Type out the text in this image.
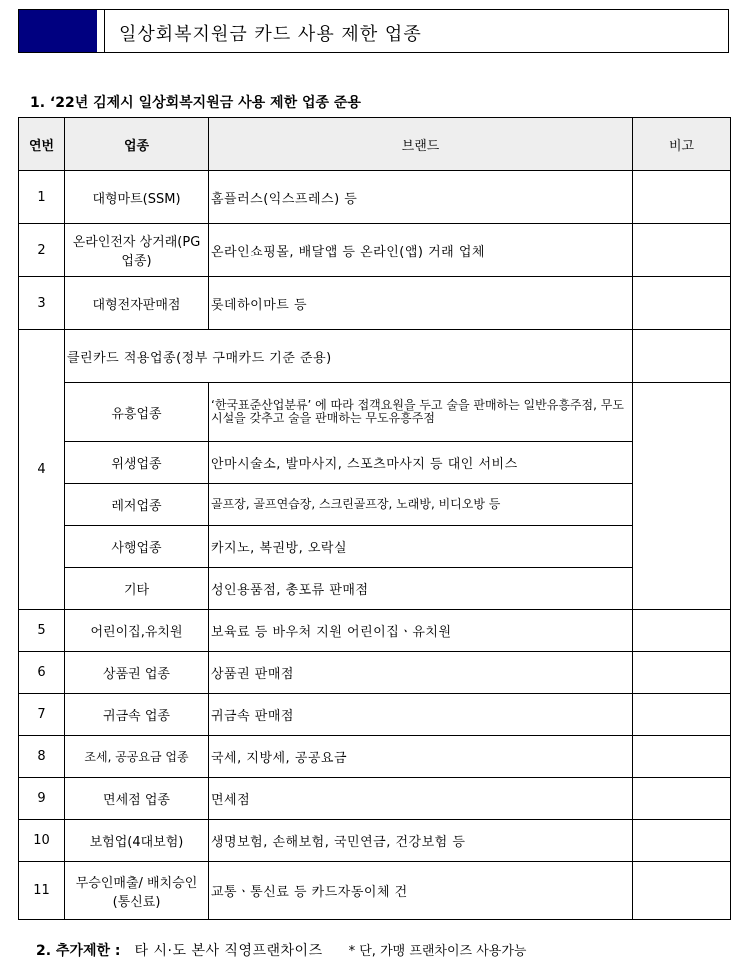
일상회복지원금 카드 사용 제한 업종
1. ‘22년 김제시 일상회복지원금 사용 제한 업종 준용
연번	업종	브랜드	비고
1	대형마트(SSM)	홈플러스(익스프레스) 등	
2	온라인전자 상거래(PG업종)	온라인쇼핑몰, 배달앱 등 온라인(앱) 거래 업체	
3	대형전자판매점	롯데하이마트 등	
4	클린카드 적용업종(정부 구매카드 기준 준용)		
	유흥업종	‘한국표준산업분류’ 에 따라 접객요원을 두고 술을 판매하는 일반유흥주점, 무도시설을 갖추고 술을 판매하는 무도유흥주점	
	위생업종	안마시술소, 발마사지, 스포츠마사지 등 대인 서비스	
	레저업종	골프장, 골프연습장, 스크린골프장, 노래방, 비디오방 등	
	사행업종	카지노, 복권방, 오락실	
	기타	성인용품점, 총포류 판매점	
5	어린이집,유치원	보육료 등 바우처 지원 어린이집ㆍ유치원	
6	상품권 업종	상품권 판매점	
7	귀금속 업종	귀금속 판매점	
8	조세, 공공요금 업종	국세, 지방세, 공공요금	
9	면세점 업종	면세점	
10	보험업(4대보험)	생명보험, 손해보험, 국민연금, 건강보험 등	
11	무승인매출/ 배치승인(통신료)	교통ㆍ통신료 등 카드자동이체 건	
2. 추가제한 : 타 시·도 본사 직영프랜차이즈 * 단, 가맹 프랜차이즈 사용가능
